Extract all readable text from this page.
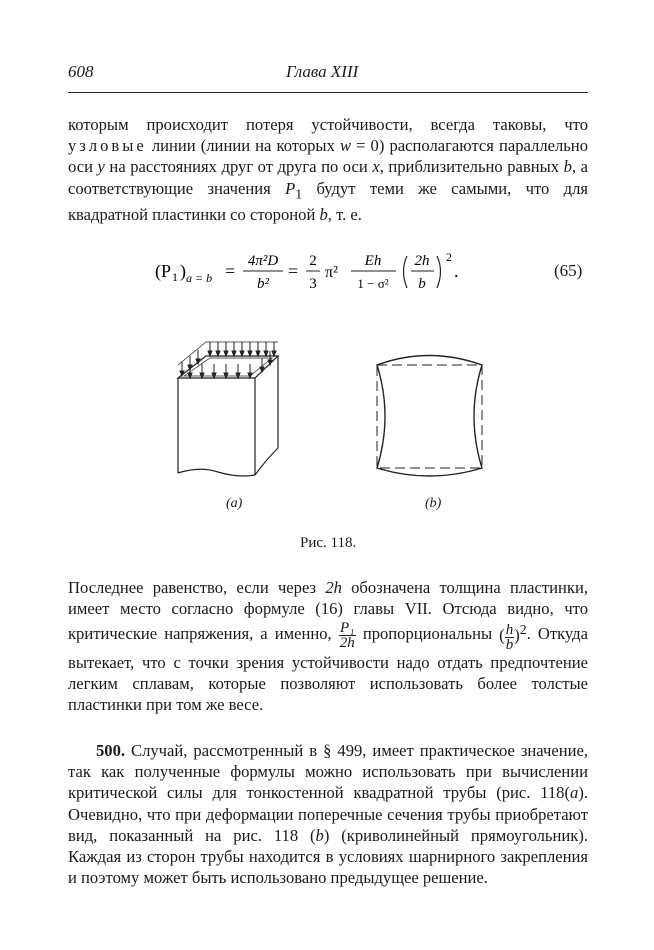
608	Глава XIII

которым происходит потеря устойчивости, всегда таковы, что узловые линии (линии на которых w = 0) располагаются параллельно оси y на расстояниях друг от друга по оси x, приблизительно равных b, а соответствующие значения $P_1$ будут теми же самыми, что для квадратной пластинки со стороной b, т. е.

(P 1 ) a = b = 4π²D
b²
= 2
3
π²
Eh
1 − σ²
2h
b
2
.	(65)
(a)	(b)
Рис. 118.

Последнее равенство, если через 2h обозначена толщина пластинки, имеет место согласно формуле (16) главы VII. Отсюда видно, что критические напряжения, а именно, $\frac{\text{P₁}}{2h}$ пропорциональны ( $\frac{h}{b} )^2$. Откуда вытекает, что с точки зрения устойчивости надо отдать предпочтение легким сплавам, которые позволяют использовать более толстые пластинки при том же весе.

500. Случай, рассмотренный в § 499, имеет практическое значение, так как полученные формулы можно использовать при вычислении критической силы для тонкостенной квадратной трубы (рис. 118(a). Очевидно, что при деформации поперечные сечения трубы приобретают вид, показанный на рис. 118 (b) (криволинейный прямоугольник). Каждая из сторон трубы находится в условиях шарнирного закрепления и поэтому может быть использовано предыдущее решение.
